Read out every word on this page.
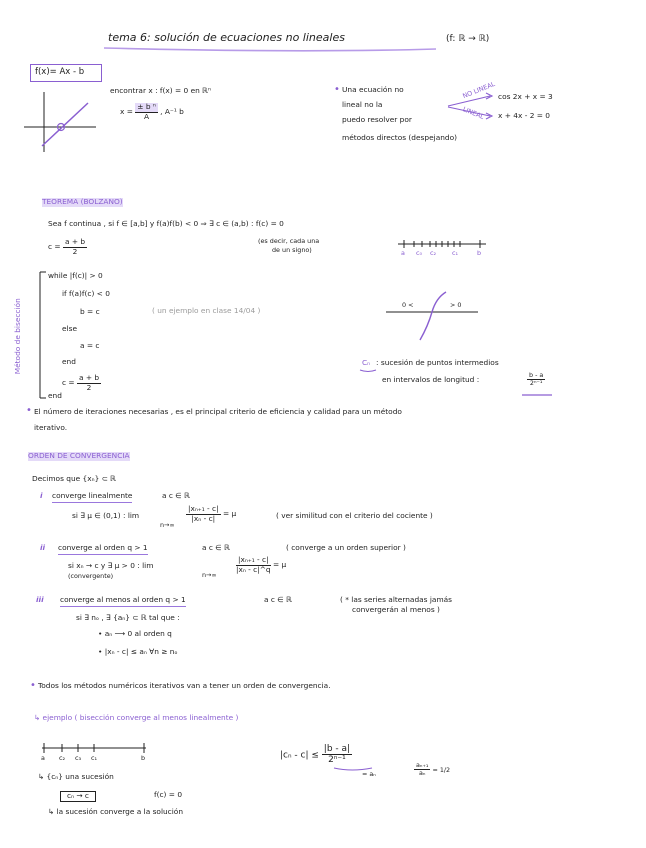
tema 6: solución de ecuaciones no lineales	(f: ℝ → ℝ)
f(x)= Ax - b
encontrar x : f(x) = 0 en ℝⁿ
$x = \frac{\text{± b ⁿ}}{A}$ , A⁻¹ b
• Una ecuación no
lineal no la
puedo resolver por
métodos directos (despejando)
NO LINEAL
LINEAL
cos 2x + x = 3
x + 4x - 2 = 0
TEOREMA (BOLZANO)
Sea f continua , si f ∈ [a,b] y f(a)f(b) < 0 ⇒ ∃ c ∈ (a,b) : f(c) = 0
$c = \frac{a + b}{2}$	(es decir, cada una
de un signo)	a c₀ c₂ c₁	b
Método de bisección
while |f(c)| > 0
if f(a)f(c) < 0
b = c
else
a = c
end
$c = \frac{a + b}{2}$
end
( un ejemplo en clase 14/04 )
0 <	> 0
Cₙ : sucesión de puntos intermedios
en intervalos de longitud :	$\frac{b - a}{\text{2ⁿ⁻¹}}$
• El número de iteraciones necesarias , es el principal criterio de eficiencia y calidad para un método
iterativo.
ORDEN DE CONVERGENCIA
Decimos que {xₙ} ⊂ ℝ
i converge linealmente	a c ∈ ℝ
si ∃ μ ∈ (0,1) : lim
n→∞
$\frac{\text{|xₙ₊₁ - c|}}{\text{|xₙ - c|}} = \mu$	( ver similitud con el criterio del cociente )
ii converge al orden q > 1	a c ∈ ℝ	( converge a un orden superior )
si xₙ → c y ∃ μ > 0 : lim
(convergente)	n→∞
$\frac{\text{|xₙ₊₁ - c|}}{\text{|xₙ - c|\textasciicircum{}q}} = \mu$
iii converge al menos al orden q > 1	a c ∈ ℝ	( * las series alternadas jamás
convergerán al menos )
si ∃ nₒ , ∃ {aₙ} ⊂ ℝ tal que :
• aₙ ⟶ 0 al orden q
• |xₙ - c| ≤ aₙ ∀n ≥ nₒ
• Todos los métodos numéricos iterativos van a tener un orden de convergencia.
↳ ejemplo ( bisección converge al menos linealmente )
a c₂ c₃ c₁	b	$|c_n - c| \le \frac{|b - a|}{\text{2ⁿ⁻¹}}$
= aₙ	$\frac{\text{aₙ₊₁}}{\text{aₙ}} = 1/2$
↳ {cₙ} una sucesión
cₙ → c	f(c) = 0
↳ la sucesión converge a la solución
